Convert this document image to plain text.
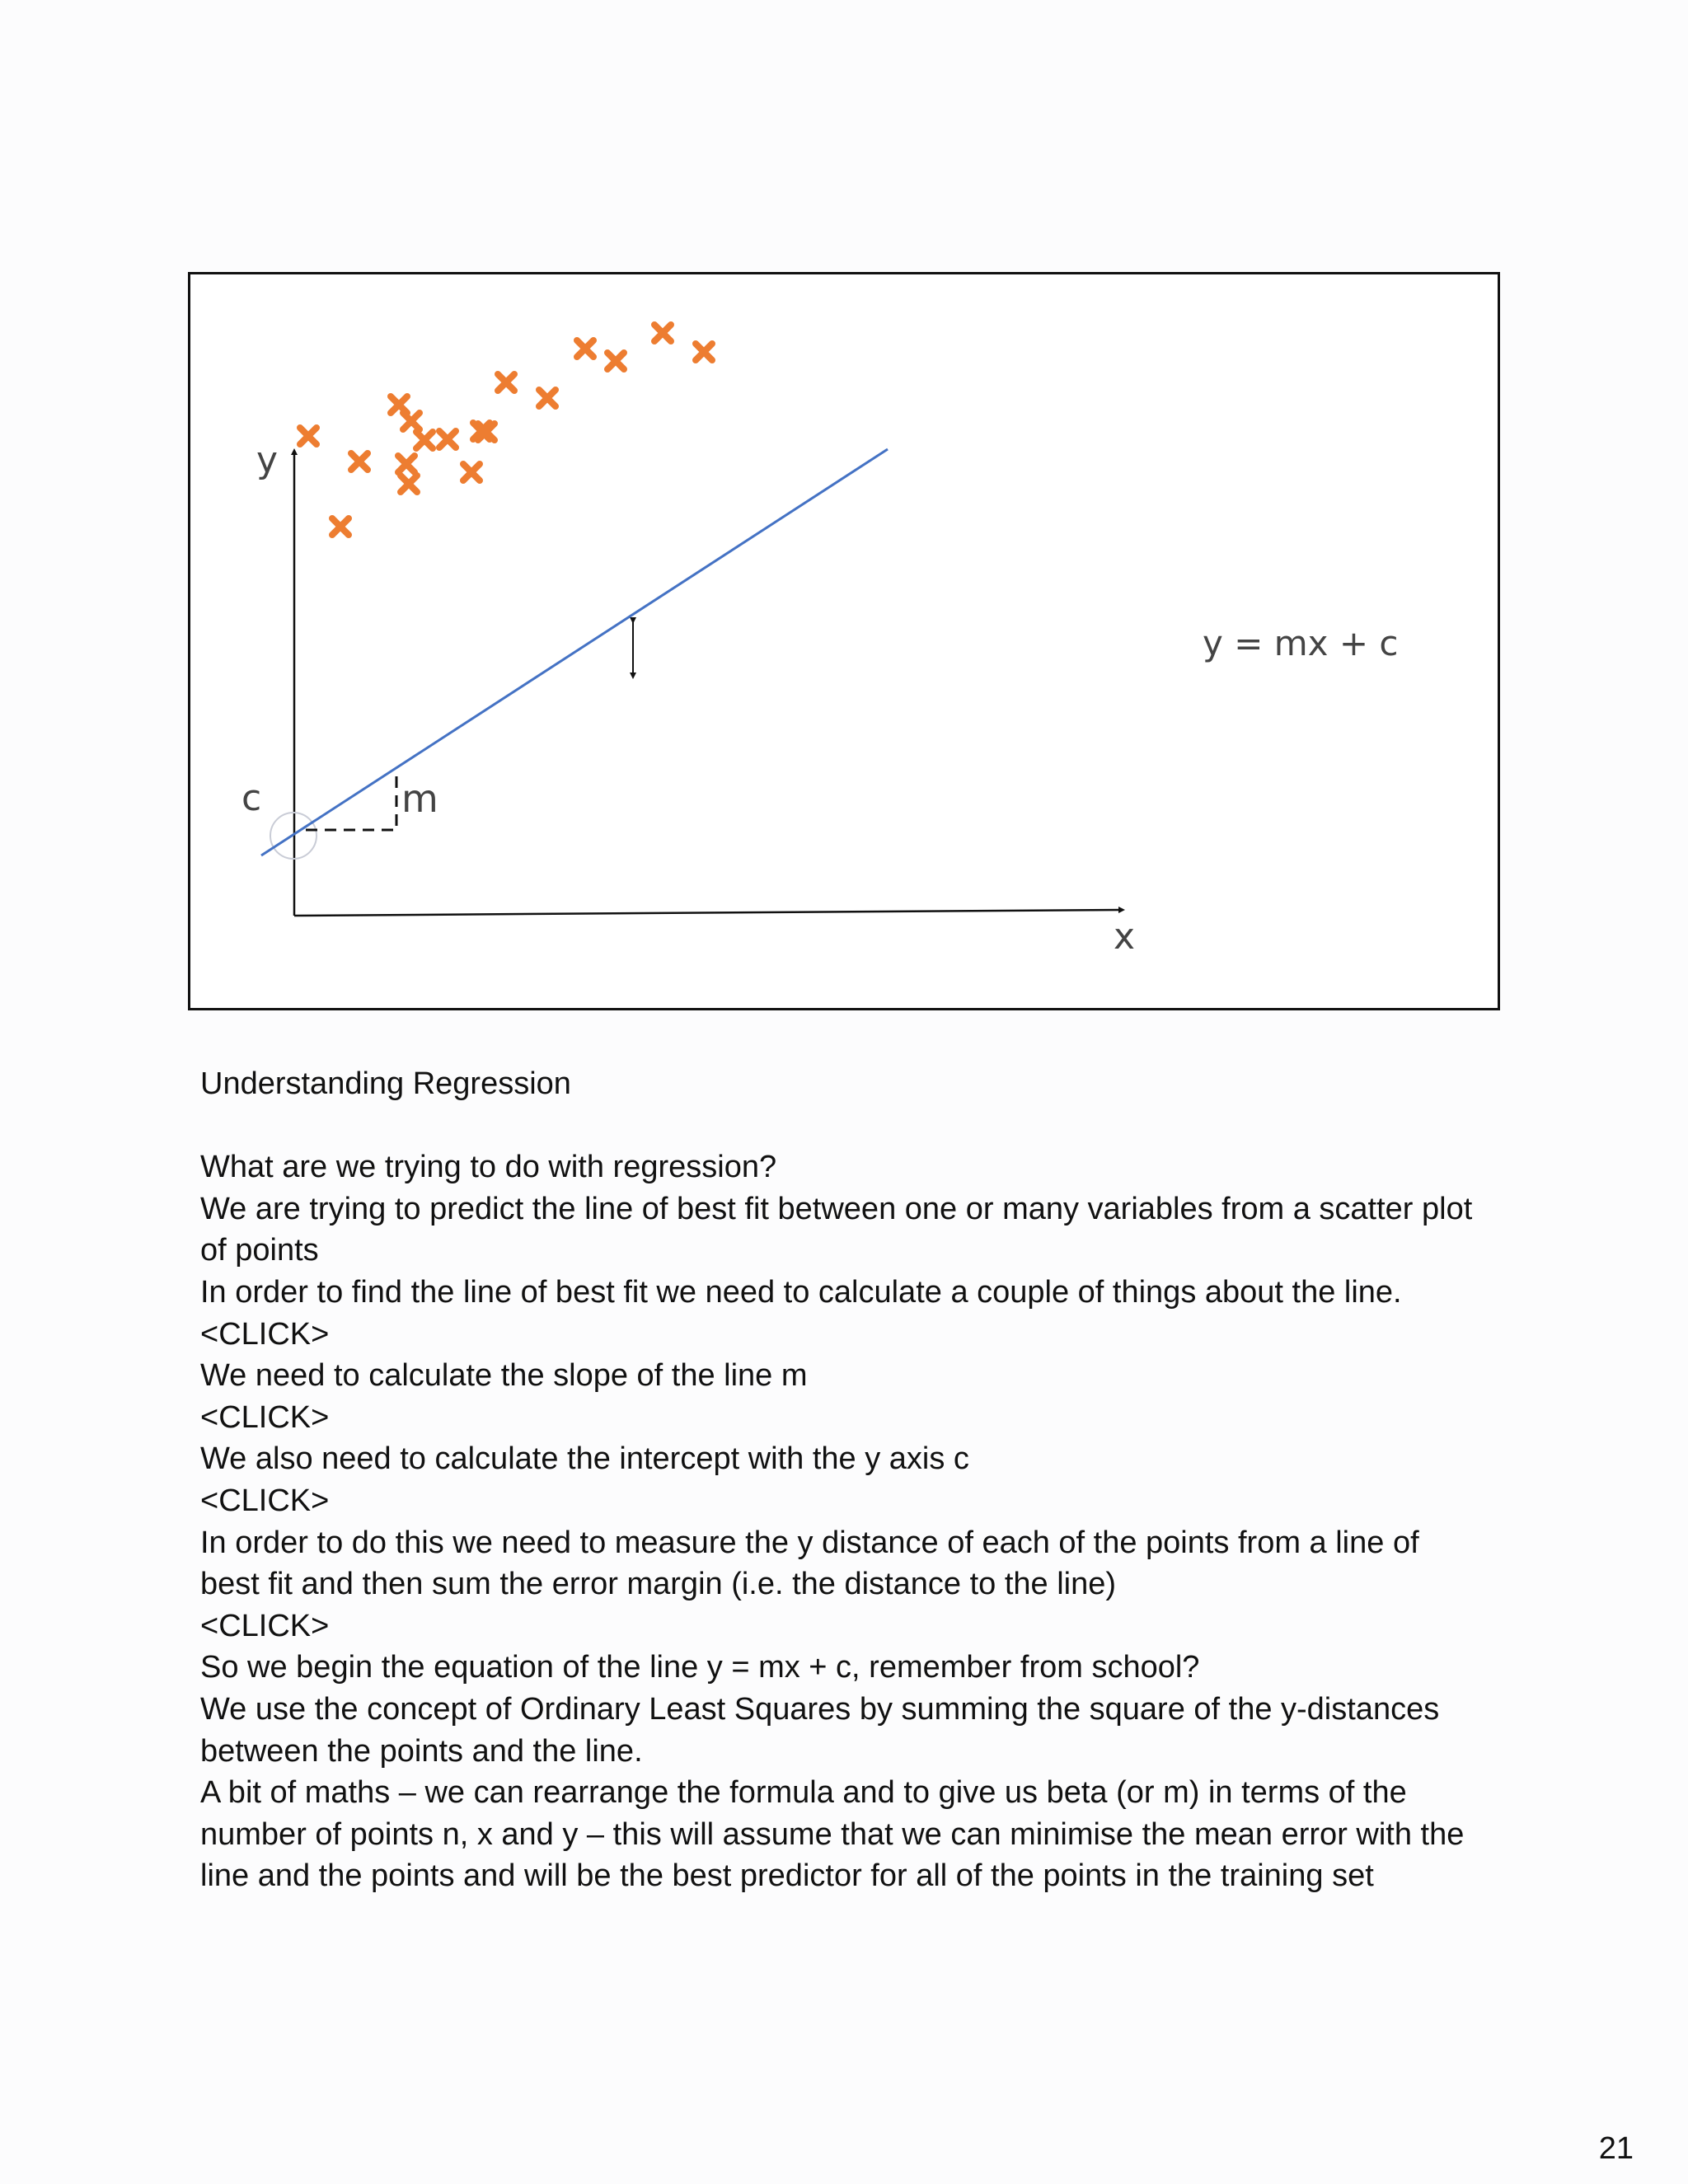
y
x
c	m
y = mx + c
Understanding Regression
What are we trying to do with regression?
We are trying to predict the line of best fit between one or many variables from a scatter plot of points
In order to find the line of best fit we need to calculate a couple of things about the line.
<CLICK>
We need to calculate the slope of the line m
<CLICK>
We also need to calculate the intercept with the y axis c
<CLICK>
In order to do this we need to measure the y distance of each of the points from a line of best fit and then sum the error margin (i.e. the distance to the line)
<CLICK>
So we begin the equation of the line y = mx + c, remember from school?
We use the concept of Ordinary Least Squares by summing the square of the y-distances between the points and the line.
A bit of maths – we can rearrange the formula and to give us beta (or m) in terms of the number of points n, x and y – this will assume that we can minimise the mean error with the line and the points and will be the best predictor for all of the points in the training set
21
